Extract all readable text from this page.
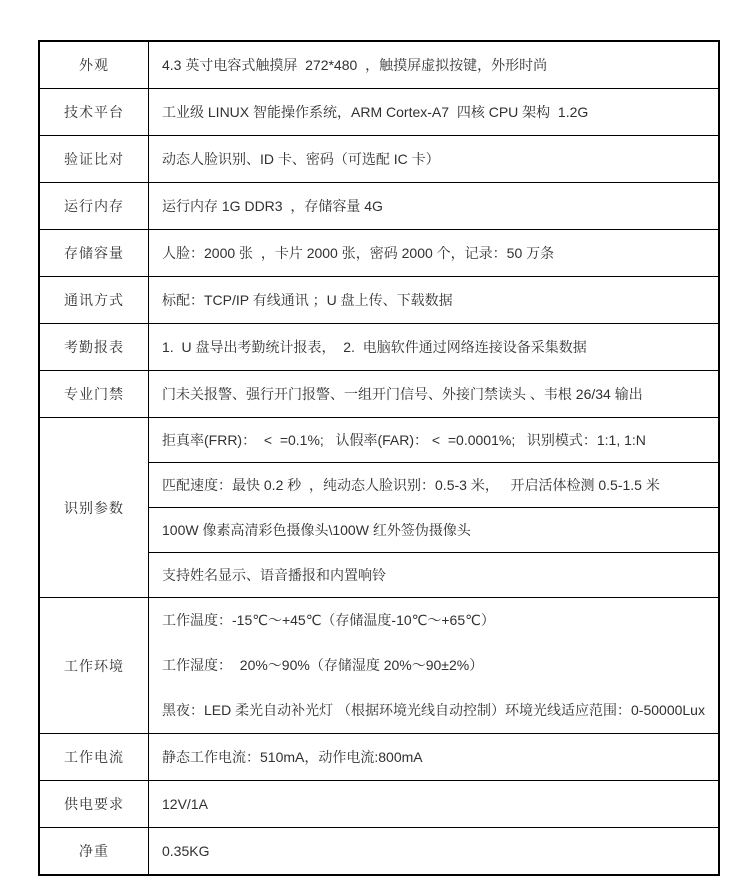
外观	4.3 英寸电容式触摸屏  272*480  ，触摸屏虚拟按键，外形时尚
技术平台	工业级 LINUX 智能操作系统，ARM Cortex-A7  四核 CPU 架构  1.2G
验证比对	动态人脸识别、ID 卡、密码（可选配 IC 卡）
运行内存	运行内存 1G DDR3  ，存储容量 4G
存储容量	人脸：2000 张  ，卡片 2000 张，密码 2000 个，记录：50 万条
通讯方式	标配：TCP/IP 有线通讯 ；U 盘上传、下载数据
考勤报表	1.  U 盘导出考勤统计报表，  2.  电脑软件通过网络连接设备采集数据
专业门禁	门未关报警、强行开门报警、一组开门信号、外接门禁读头 、韦根 26/34 输出
识别参数	拒真率(FRR)：  <  =0.1%;   认假率(FAR)： <  =0.0001%;   识别模式：1:1, 1:N
	匹配速度：最快 0.2 秒  ，纯动态人脸识别：0.5-3 米，   开启活体检测 0.5-1.5 米
	100W 像素高清彩色摄像头\100W 红外签伪摄像头
	支持姓名显示、语音播报和内置响铃
工作环境	工作温度：-15℃～+45℃（存储温度-10℃～+65℃）
工作湿度：  20%～90%（存储湿度 20%～90±2%）
黑夜：LED 柔光自动补光灯 （根据环境光线自动控制）环境光线适应范围：0-50000Lux

工作电流	静态工作电流：510mA，动作电流:800mA
供电要求	12V/1A
净重	0.35KG
